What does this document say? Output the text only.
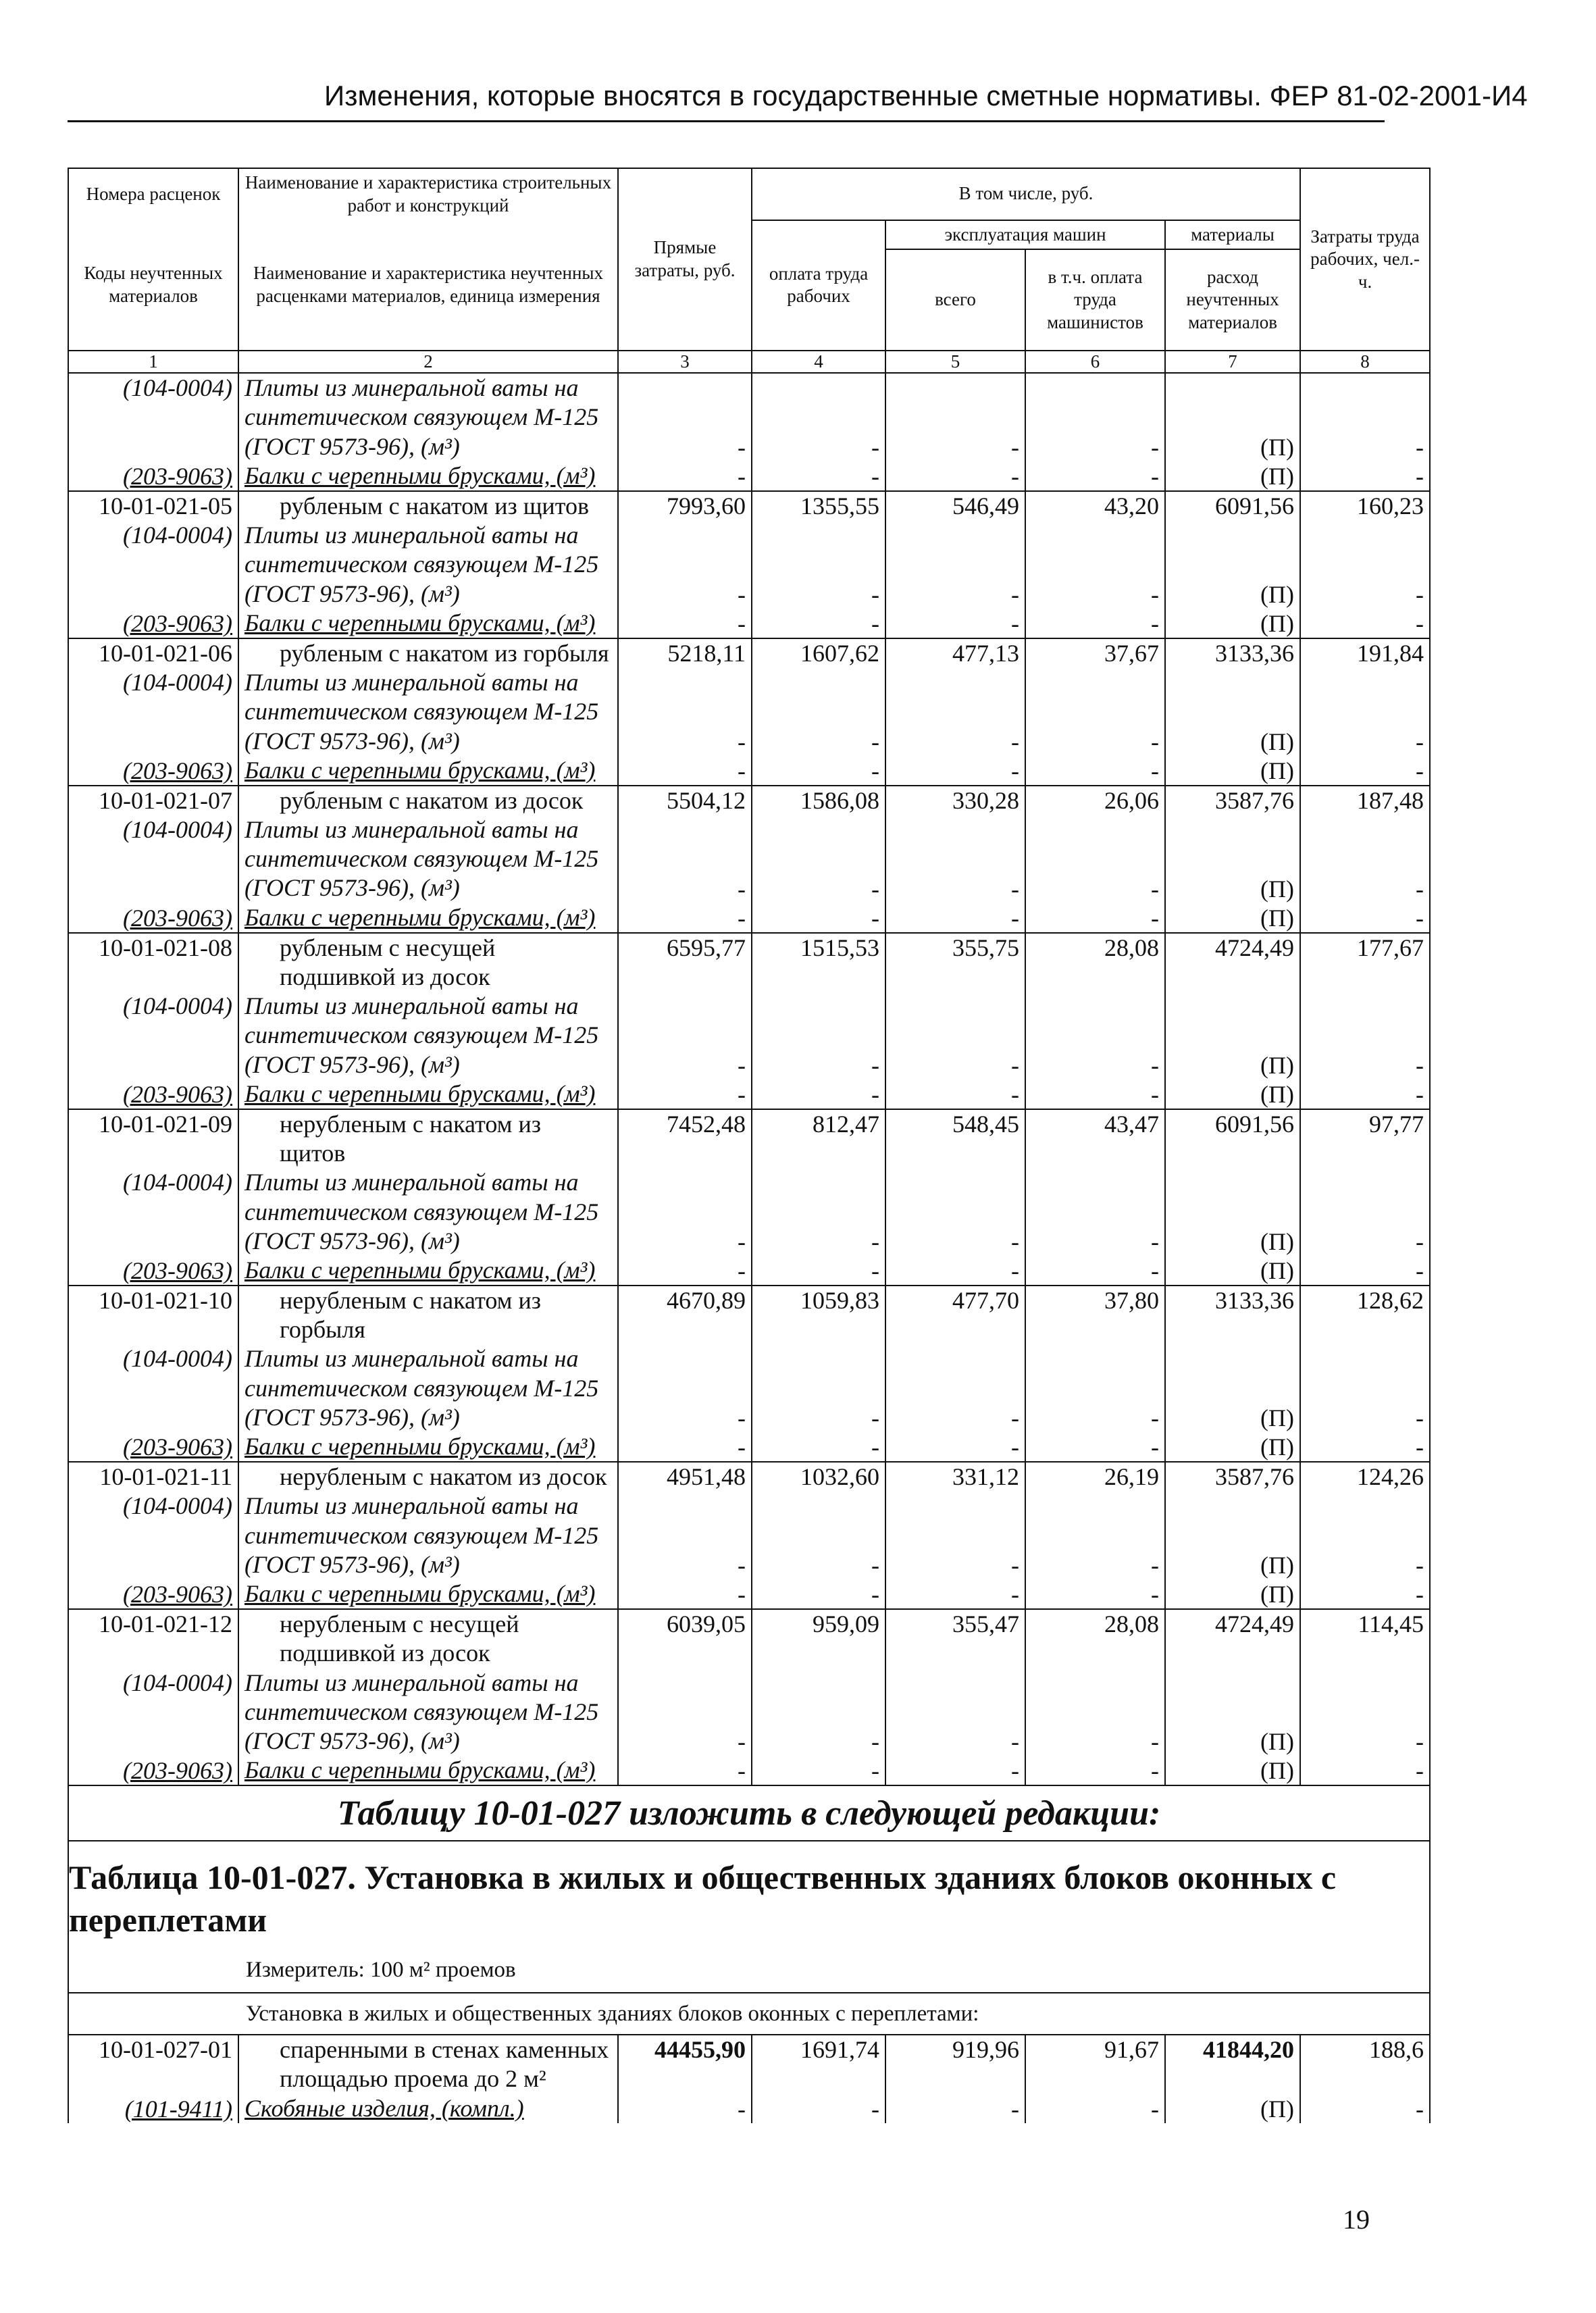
Изменения, которые вносятся в государственные сметные нормативы. ФЕР 81-02-2001-И4
Номера расценок	Наименование и характеристика строительных работ и конструкций	Прямые затраты, руб.	В том числе, руб.				Затраты труда рабочих, чел.-ч.
Коды неучтенных материалов	Наименование и характеристика неучтенных расценками материалов, единица измерения		оплата труда рабочих	эксплуатация машин		материалы	
				всего	в т.ч. оплата труда машинистов	расход неучтенных материалов	
1	2	3	4	5	6	7	8
(104-0004)	Плиты из минеральной ваты на синтетическом связующем М-125 (ГОСТ 9573-96), (м³)	-	-	-	-	(П)	-
(203-9063)	Балки с черепными брусками, (м³)	-	-	-	-	(П)	-
10-01-021-05	рубленым с накатом из щитов	7993,60	1355,55	546,49	43,20	6091,56	160,23
(104-0004)	Плиты из минеральной ваты на синтетическом связующем М-125 (ГОСТ 9573-96), (м³)	-	-	-	-	(П)	-
(203-9063)	Балки с черепными брусками, (м³)	-	-	-	-	(П)	-
10-01-021-06	рубленым с накатом из горбыля	5218,11	1607,62	477,13	37,67	3133,36	191,84
(104-0004)	Плиты из минеральной ваты на синтетическом связующем М-125 (ГОСТ 9573-96), (м³)	-	-	-	-	(П)	-
(203-9063)	Балки с черепными брусками, (м³)	-	-	-	-	(П)	-
10-01-021-07	рубленым с накатом из досок	5504,12	1586,08	330,28	26,06	3587,76	187,48
(104-0004)	Плиты из минеральной ваты на синтетическом связующем М-125 (ГОСТ 9573-96), (м³)	-	-	-	-	(П)	-
(203-9063)	Балки с черепными брусками, (м³)	-	-	-	-	(П)	-
10-01-021-08	рубленым с несущей подшивкой из досок	6595,77	1515,53	355,75	28,08	4724,49	177,67
(104-0004)	Плиты из минеральной ваты на синтетическом связующем М-125 (ГОСТ 9573-96), (м³)	-	-	-	-	(П)	-
(203-9063)	Балки с черепными брусками, (м³)	-	-	-	-	(П)	-
10-01-021-09	нерубленым с накатом из щитов	7452,48	812,47	548,45	43,47	6091,56	97,77
(104-0004)	Плиты из минеральной ваты на синтетическом связующем М-125 (ГОСТ 9573-96), (м³)	-	-	-	-	(П)	-
(203-9063)	Балки с черепными брусками, (м³)	-	-	-	-	(П)	-
10-01-021-10	нерубленым с накатом из горбыля	4670,89	1059,83	477,70	37,80	3133,36	128,62
(104-0004)	Плиты из минеральной ваты на синтетическом связующем М-125 (ГОСТ 9573-96), (м³)	-	-	-	-	(П)	-
(203-9063)	Балки с черепными брусками, (м³)	-	-	-	-	(П)	-
10-01-021-11	нерубленым с накатом из досок	4951,48	1032,60	331,12	26,19	3587,76	124,26
(104-0004)	Плиты из минеральной ваты на синтетическом связующем М-125 (ГОСТ 9573-96), (м³)	-	-	-	-	(П)	-
(203-9063)	Балки с черепными брусками, (м³)	-	-	-	-	(П)	-
10-01-021-12	нерубленым с несущей подшивкой из досок	6039,05	959,09	355,47	28,08	4724,49	114,45
(104-0004)	Плиты из минеральной ваты на синтетическом связующем М-125 (ГОСТ 9573-96), (м³)	-	-	-	-	(П)	-
(203-9063)	Балки с черепными брусками, (м³)	-	-	-	-	(П)	-
Таблицу 10-01-027 изложить в следующей редакции:							
Таблица 10-01-027. Установка в жилых и общественных зданиях блоков оконных с переплетами							
Измеритель: 100 м² проемов							
Установка в жилых и общественных зданиях блоков оконных с переплетами:							
10-01-027-01	спаренными в стенах каменных площадью проема до 2 м²	44455,90	1691,74	919,96	91,67	41844,20	188,6
(101-9411)	Скобяные изделия, (компл.)	-	-	-	-	(П)	-
19
